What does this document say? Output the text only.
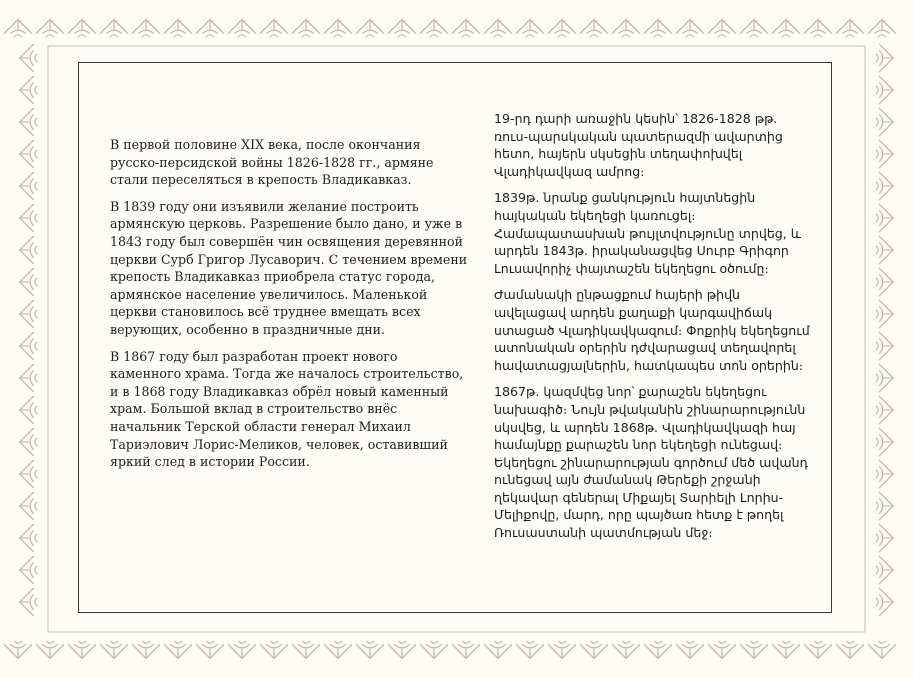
В первой половине XIX века, после окончания русско-персидской войны 1826-1828 гг., армяне стали переселяться в крепость Владикавказ.

В 1839 году они изъявили желание построить армянскую церковь. Разрешение было дано, и уже в 1843 году был совершён чин освящения деревянной церкви Сурб Григор Лусаворич. С течением времени крепость Владикавказ приобрела статус города, армянское население увеличилось. Маленькой церкви становилось всё труднее вмещать всех верующих, особенно в праздничные дни.

В 1867 году был разработан проект нового каменного храма. Тогда же началось строительство, и в 1868 году Владикавказ обрёл новый каменный храм. Большой вклад в строительство внёс начальник Терской области генерал Михаил Тариэлович Лорис-Меликов, человек, оставивший яркий след в истории России.

19-րդ դարի առաջին կեսին՝ 1826-1828 թթ. ռուս-պարսկական պատերազմի ավարտից հետո, հայերն սկսեցին տեղափոխվել Վլադիկավկազ ամրոց։

1839թ. նրանք ցանկություն հայտնեցին հայկական եկեղեցի կառուցել։ Համապատասխան թույլտվությունը տրվեց, և արդեն 1843թ. իրականացվեց Սուրբ Գրիգոր Լուսավորիչ փայտաշեն եկեղեցու օծումը։

Ժամանակի ընթացքում հայերի թիվն ավելացավ արդեն քաղաքի կարգավիճակ ստացած Վլադիկավկազում։ Փոքրիկ եկեղեցում ատոնական օրերին դժվարացավ տեղավորել հավատացյալներին, հատկապես տոն օրերին։

1867թ. կազմվեց նոր՝ քարաշեն եկեղեցու նախագիծ։ Նույն թվականին շինարարությունն սկսվեց, և արդեն 1868թ. Վլադիկավկազի հայ համայնքը քարաշեն նոր եկեղեցի ունեցավ։ Եկեղեցու շինարարության գործում մեծ ավանդ ունեցավ այն ժամանակ Թերեքի շրջանի ղեկավար գեներալ Միքայել Տարիելի Լորիս-Մելիքովը, մարդ, որը պայծառ հետք է թողել Ռուսաստանի պատմության մեջ։
